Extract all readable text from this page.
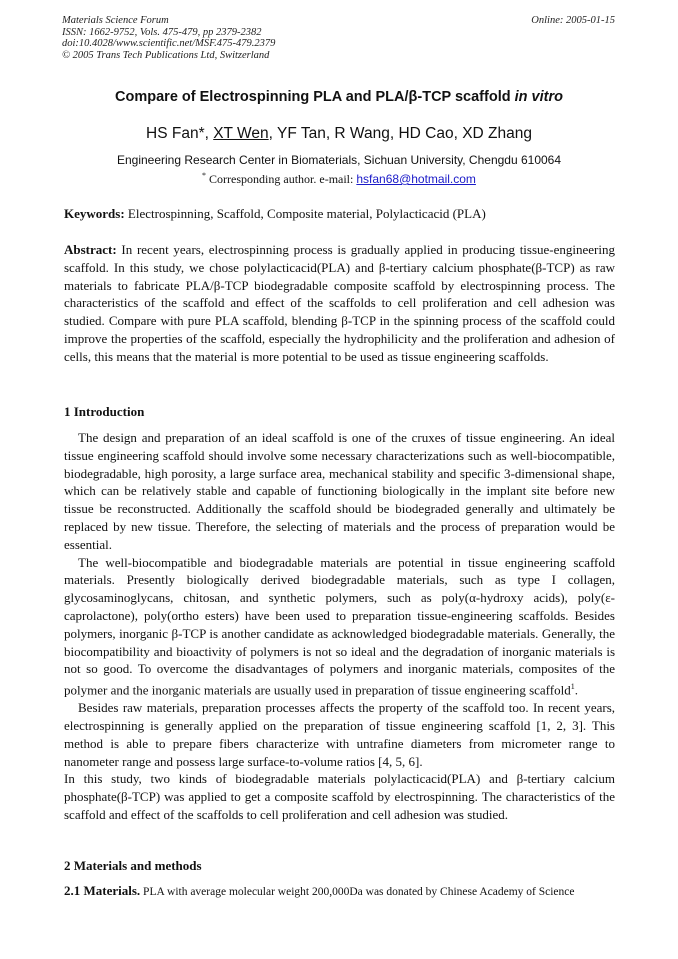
Materials Science Forum
ISSN: 1662-9752, Vols. 475-479, pp 2379-2382
doi:10.4028/www.scientific.net/MSF.475-479.2379
© 2005 Trans Tech Publications Ltd, Switzerland
Online: 2005-01-15
Compare of Electrospinning PLA and PLA/β-TCP scaffold in vitro
HS Fan*, XT Wen, YF Tan, R Wang, HD Cao, XD Zhang
Engineering Research Center in Biomaterials, Sichuan University, Chengdu 610064
* Corresponding author. e-mail: hsfan68@hotmail.com

Keywords: Electrospinning, Scaffold, Composite material, Polylacticacid (PLA)

Abstract: In recent years, electrospinning process is gradually applied in producing tissue-engineering scaffold. In this study, we chose polylacticacid(PLA) and β-tertiary calcium phosphate(β-TCP) as raw materials to fabricate PLA/β-TCP biodegradable composite scaffold by electrospinning process. The characteristics of the scaffold and effect of the scaffolds to cell proliferation and cell adhesion was studied. Compare with pure PLA scaffold, blending β-TCP in the spinning process of the scaffold could improve the properties of the scaffold, especially the hydrophilicity and the proliferation and adhesion of cells, this means that the material is more potential to be used as tissue engineering scaffolds.

1 Introduction

The design and preparation of an ideal scaffold is one of the cruxes of tissue engineering. An ideal tissue engineering scaffold should involve some necessary characterizations such as well-biocompatible, biodegradable, high porosity, a large surface area, mechanical stability and specific 3-dimensional shape, which can be relatively stable and capable of functioning biologically in the implant site before new tissue be reconstructed. Additionally the scaffold should be biodegraded generally and ultimately be replaced by new tissue. Therefore, the selecting of materials and the process of preparation would be essential.

The well-biocompatible and biodegradable materials are potential in tissue engineering scaffold materials. Presently biologically derived biodegradable materials, such as type I collagen, glycosaminoglycans, chitosan, and synthetic polymers, such as poly(α-hydroxy acids), poly(ε-caprolactone), poly(ortho esters) have been used to preparation tissue-engineering scaffolds. Besides polymers, inorganic β-TCP is another candidate as acknowledged biodegradable materials. Generally, the biocompatibility and bioactivity of polymers is not so ideal and the degradation of inorganic materials is not so good. To overcome the disadvantages of polymers and inorganic materials, composites of the polymer and the inorganic materials are usually used in preparation of tissue engineering scaffold$^1$.

Besides raw materials, preparation processes affects the property of the scaffold too. In recent years, electrospinning is generally applied on the preparation of tissue engineering scaffold [1, 2, 3]. This method is able to prepare fibers characterize with untrafine diameters from micrometer range to nanometer range and possess large surface-to-volume ratios [4, 5, 6].

In this study, two kinds of biodegradable materials polylacticacid(PLA) and β-tertiary calcium phosphate(β-TCP) was applied to get a composite scaffold by electrospinning. The characteristics of the scaffold and effect of the scaffolds to cell proliferation and cell adhesion was studied.

2 Materials and methods

2.1 Materials. PLA with average molecular weight 200,000Da was donated by Chinese Academy of Science
